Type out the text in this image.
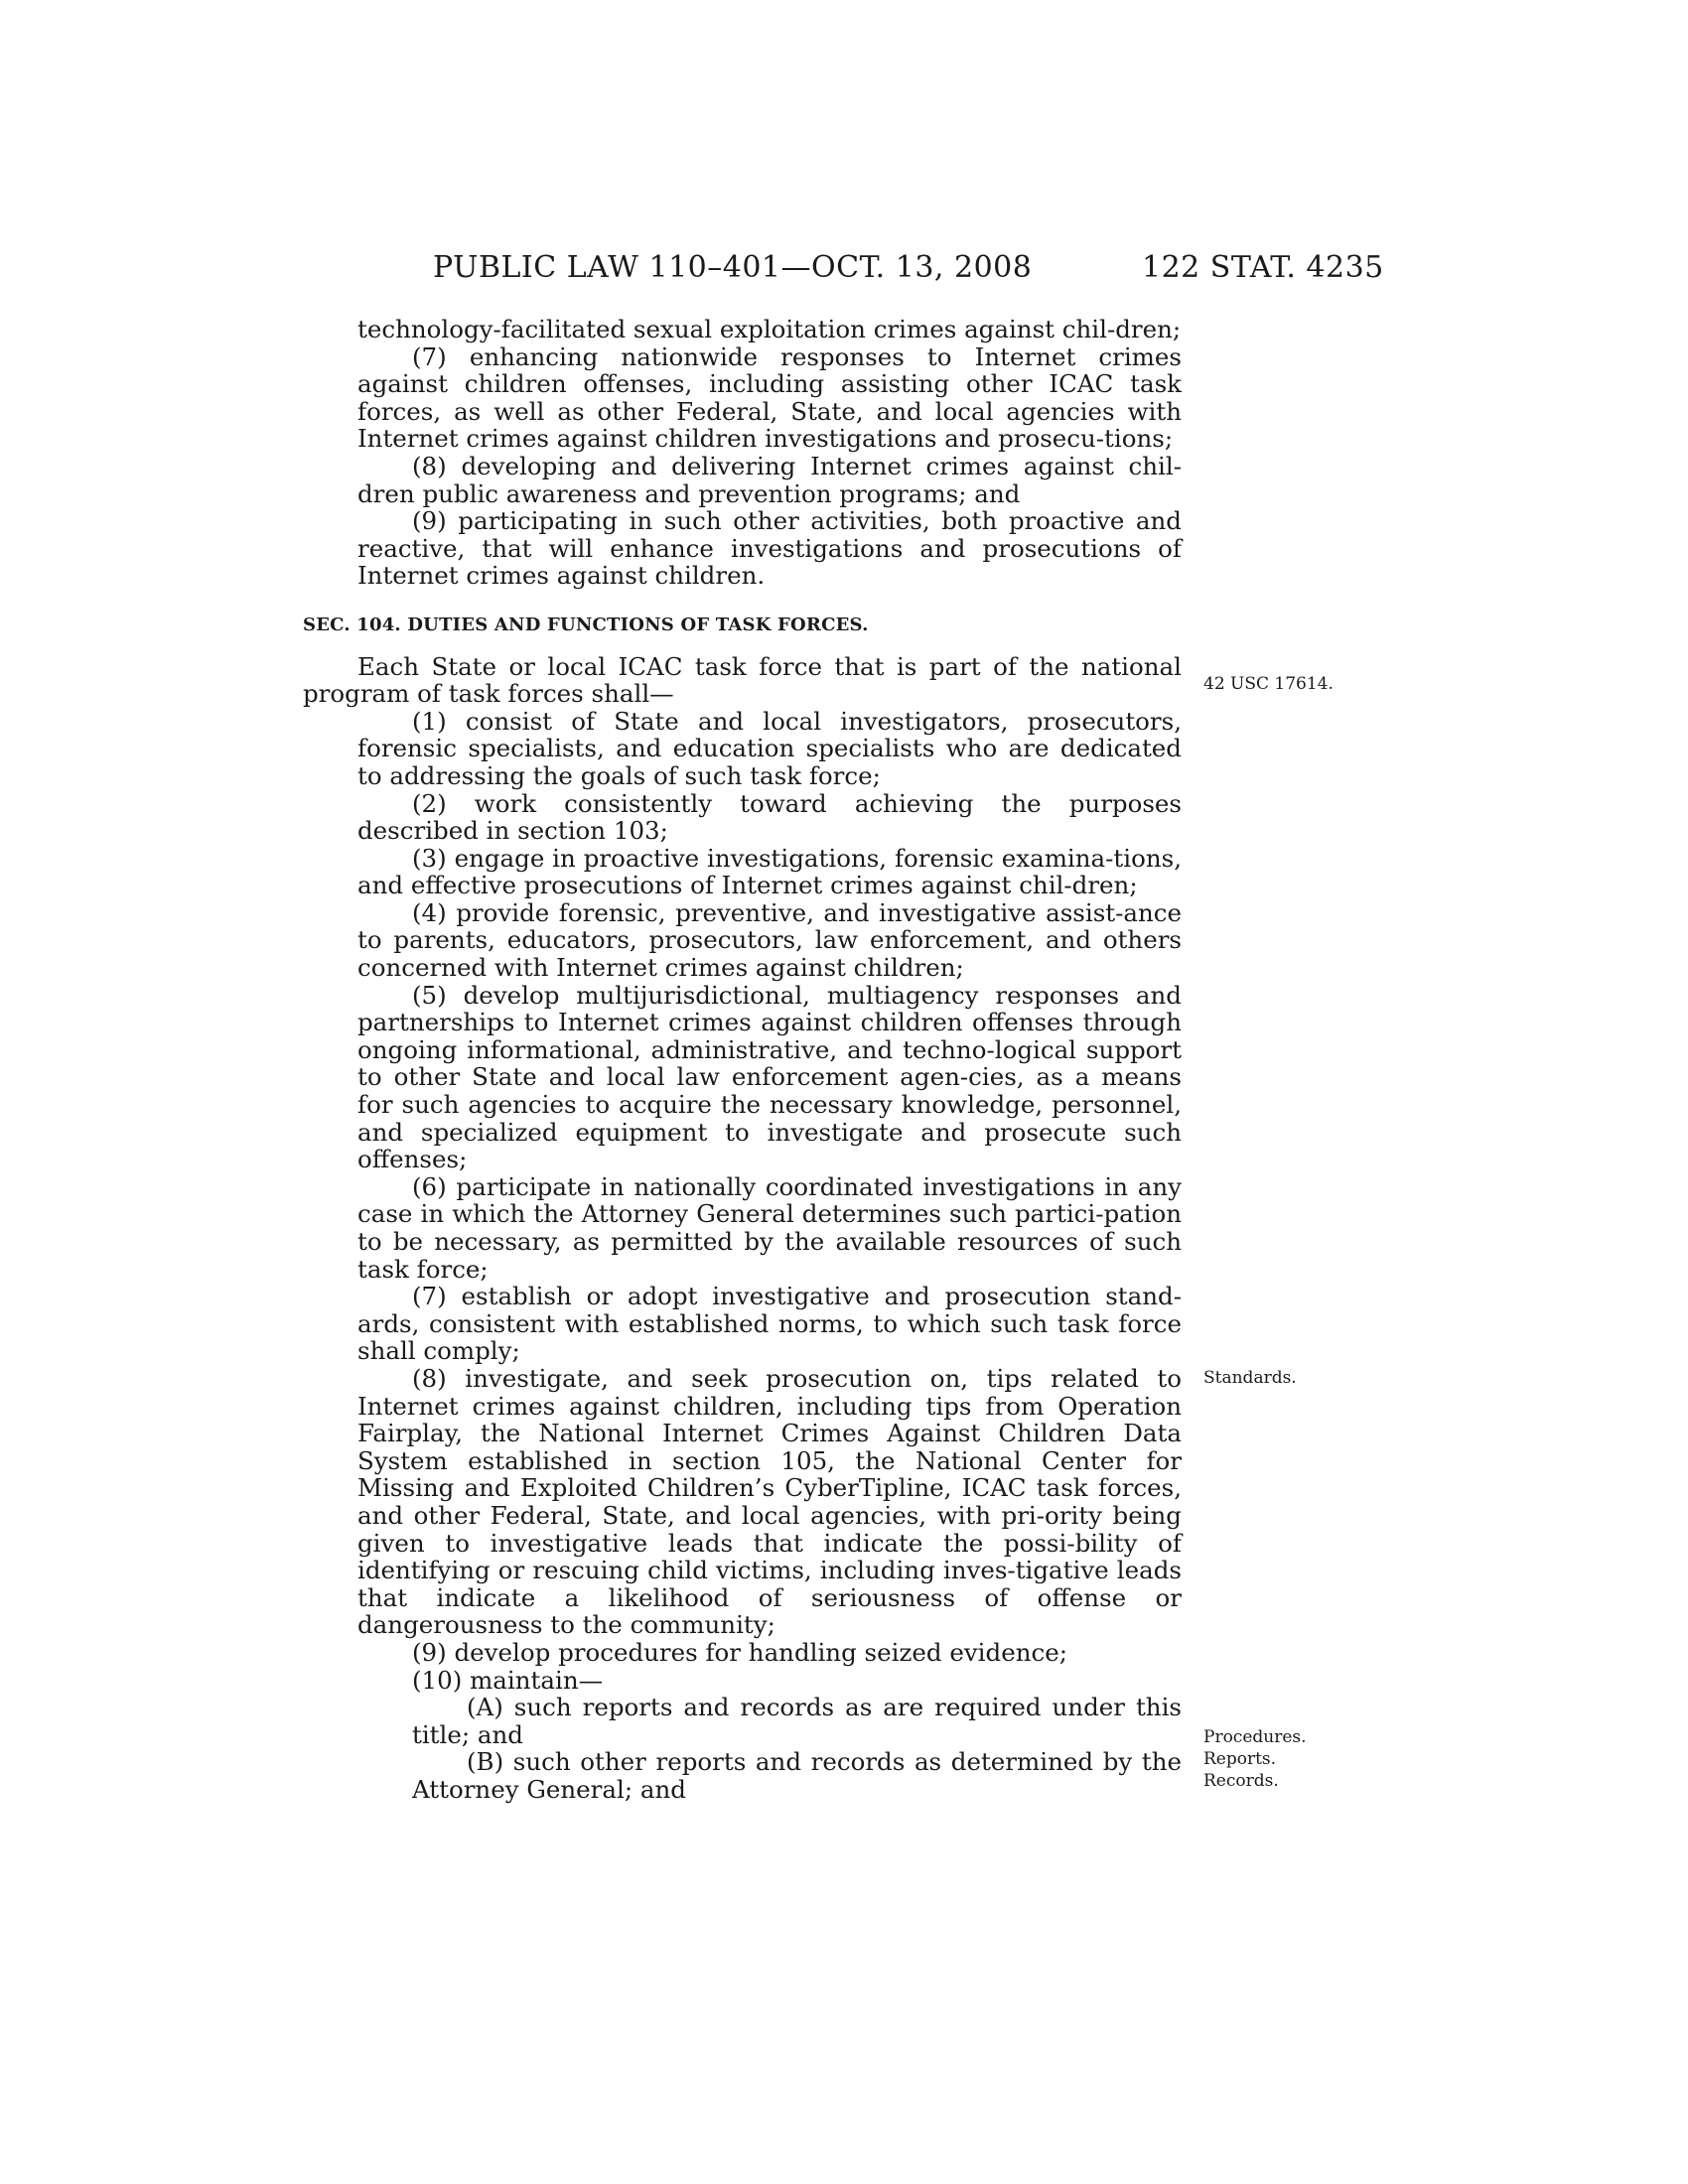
PUBLIC LAW 110–401—OCT. 13, 2008	122 STAT. 4235

technology-facilitated sexual exploitation crimes against chil-dren;

(7) enhancing nationwide responses to Internet crimes against children offenses, including assisting other ICAC task forces, as well as other Federal, State, and local agencies with Internet crimes against children investigations and prosecu-tions;

(8) developing and delivering Internet crimes against chil-dren public awareness and prevention programs; and

(9) participating in such other activities, both proactive and reactive, that will enhance investigations and prosecutions of Internet crimes against children.

SEC. 104. DUTIES AND FUNCTIONS OF TASK FORCES.

Each State or local ICAC task force that is part of the national program of task forces shall—

(1) consist of State and local investigators, prosecutors, forensic specialists, and education specialists who are dedicated to addressing the goals of such task force;

(2) work consistently toward achieving the purposes described in section 103;

(3) engage in proactive investigations, forensic examina-tions, and effective prosecutions of Internet crimes against chil-dren;

(4) provide forensic, preventive, and investigative assist-ance to parents, educators, prosecutors, law enforcement, and others concerned with Internet crimes against children;

(5) develop multijurisdictional, multiagency responses and partnerships to Internet crimes against children offenses through ongoing informational, administrative, and techno-logical support to other State and local law enforcement agen-cies, as a means for such agencies to acquire the necessary knowledge, personnel, and specialized equipment to investigate and prosecute such offenses;

(6) participate in nationally coordinated investigations in any case in which the Attorney General determines such partici-pation to be necessary, as permitted by the available resources of such task force;

(7) establish or adopt investigative and prosecution stand-ards, consistent with established norms, to which such task force shall comply;

(8) investigate, and seek prosecution on, tips related to Internet crimes against children, including tips from Operation Fairplay, the National Internet Crimes Against Children Data System established in section 105, the National Center for Missing and Exploited Children’s CyberTipline, ICAC task forces, and other Federal, State, and local agencies, with pri-ority being given to investigative leads that indicate the possi-bility of identifying or rescuing child victims, including inves-tigative leads that indicate a likelihood of seriousness of offense or dangerousness to the community;

(9) develop procedures for handling seized evidence;

(10) maintain—

(A) such reports and records as are required under this title; and

(B) such other reports and records as determined by the Attorney General; and

42 USC 17614.
Standards.
Procedures.
Reports.
Records.
